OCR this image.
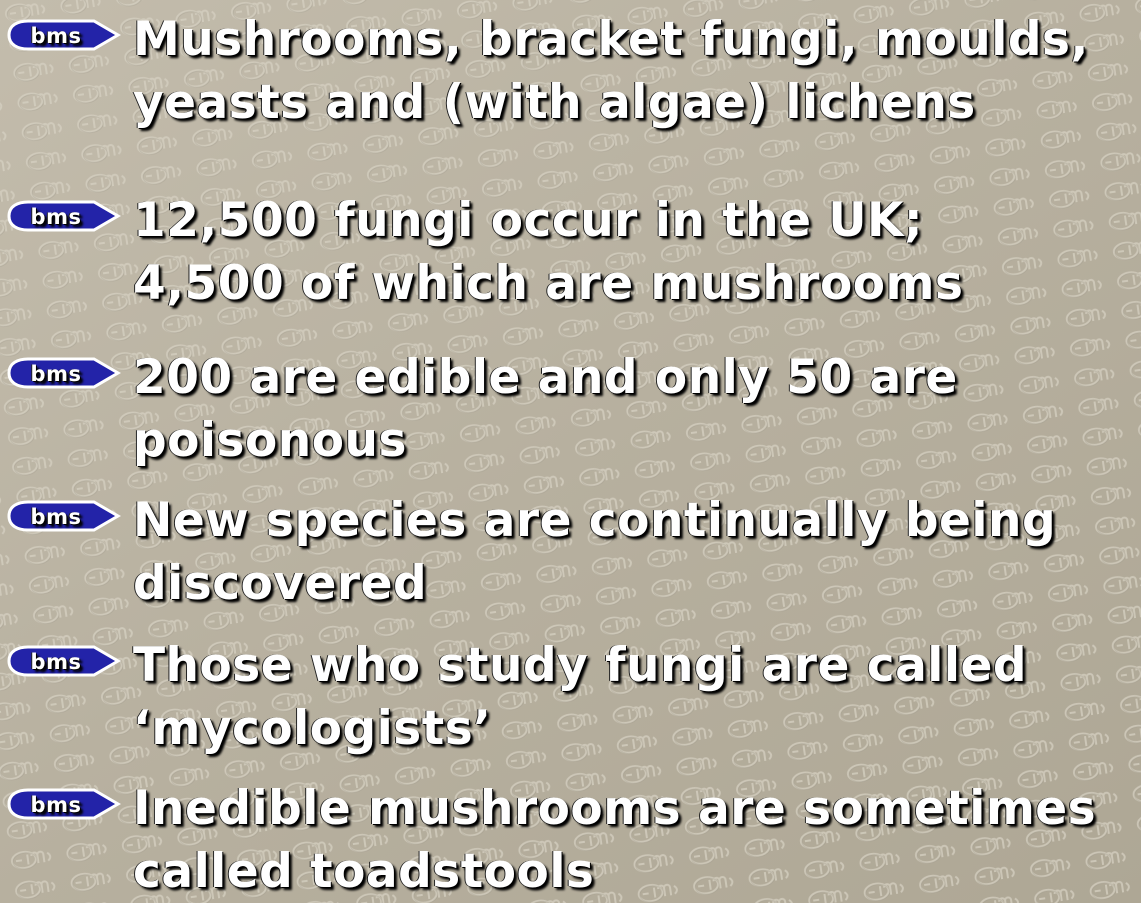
bms Mushrooms, bracket fungi, moulds,
yeasts and (with algae) lichens
bms 12,500 fungi occur in the UK;
4,500 of which are mushrooms
bms 200 are edible and only 50 are
poisonous
bms New species are continually being
discovered
bms Those who study fungi are called
‘mycologists’
bms Inedible mushrooms are sometimes
called toadstools
